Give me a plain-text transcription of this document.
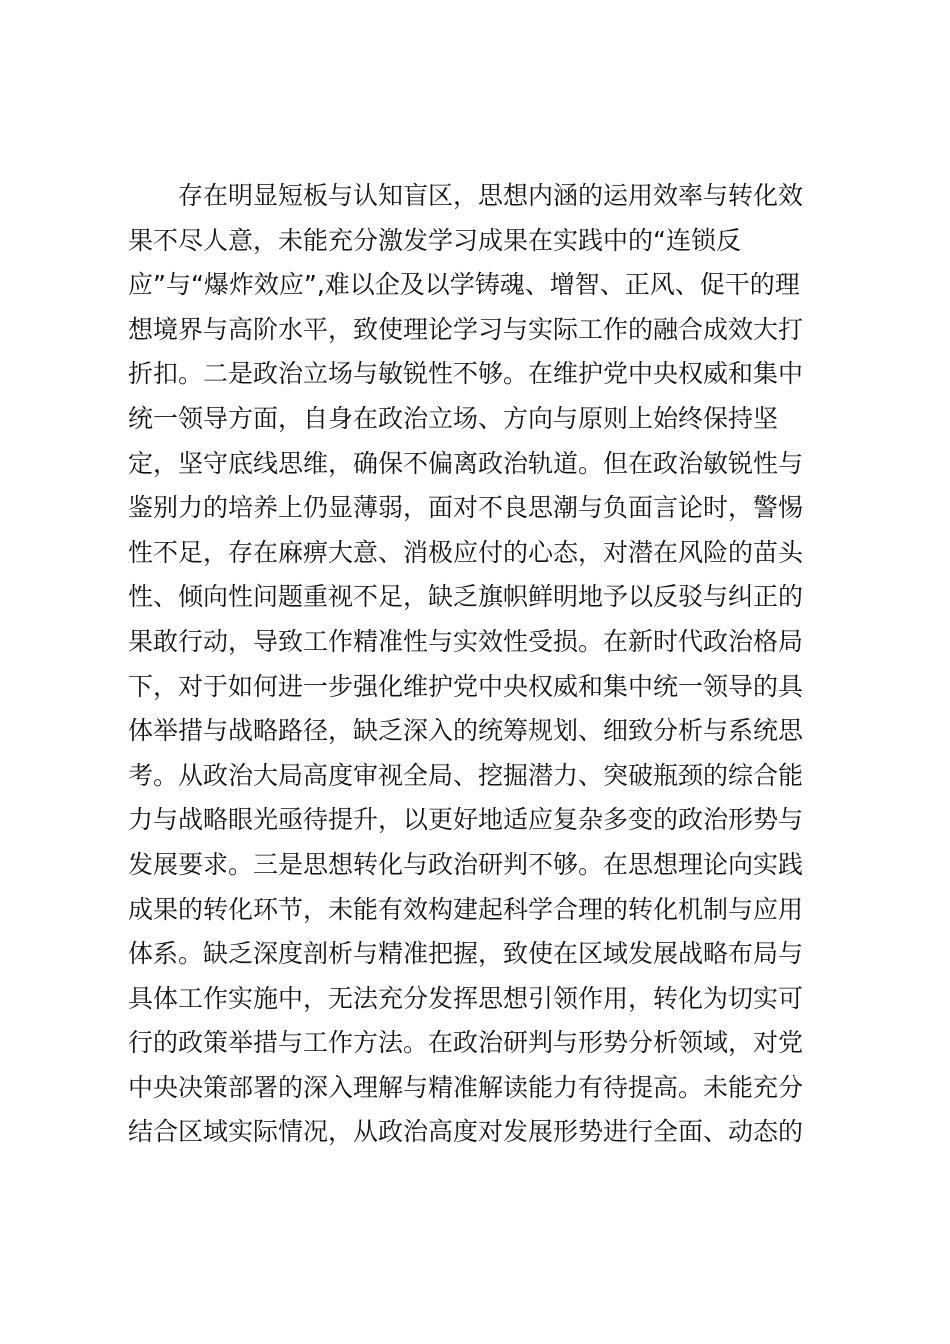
存在明显短板与认知盲区，思想内涵的运用效率与转化效
果不尽人意，未能充分激发学习成果在实践中的“连锁反
应”与“爆炸效应”,难以企及以学铸魂、增智、正风、促干的理
想境界与高阶水平，致使理论学习与实际工作的融合成效大打
折扣。二是政治立场与敏锐性不够。在维护党中央权威和集中
统一领导方面，自身在政治立场、方向与原则上始终保持坚
定，坚守底线思维，确保不偏离政治轨道。但在政治敏锐性与
鉴别力的培养上仍显薄弱，面对不良思潮与负面言论时，警惕
性不足，存在麻痹大意、消极应付的心态，对潜在风险的苗头
性、倾向性问题重视不足，缺乏旗帜鲜明地予以反驳与纠正的
果敢行动，导致工作精准性与实效性受损。在新时代政治格局
下，对于如何进一步强化维护党中央权威和集中统一领导的具
体举措与战略路径，缺乏深入的统筹规划、细致分析与系统思
考。从政治大局高度审视全局、挖掘潜力、突破瓶颈的综合能
力与战略眼光亟待提升，以更好地适应复杂多变的政治形势与
发展要求。三是思想转化与政治研判不够。在思想理论向实践
成果的转化环节，未能有效构建起科学合理的转化机制与应用
体系。缺乏深度剖析与精准把握，致使在区域发展战略布局与
具体工作实施中，无法充分发挥思想引领作用，转化为切实可
行的政策举措与工作方法。在政治研判与形势分析领域，对党
中央决策部署的深入理解与精准解读能力有待提高。未能充分
结合区域实际情况，从政治高度对发展形势进行全面、动态的
